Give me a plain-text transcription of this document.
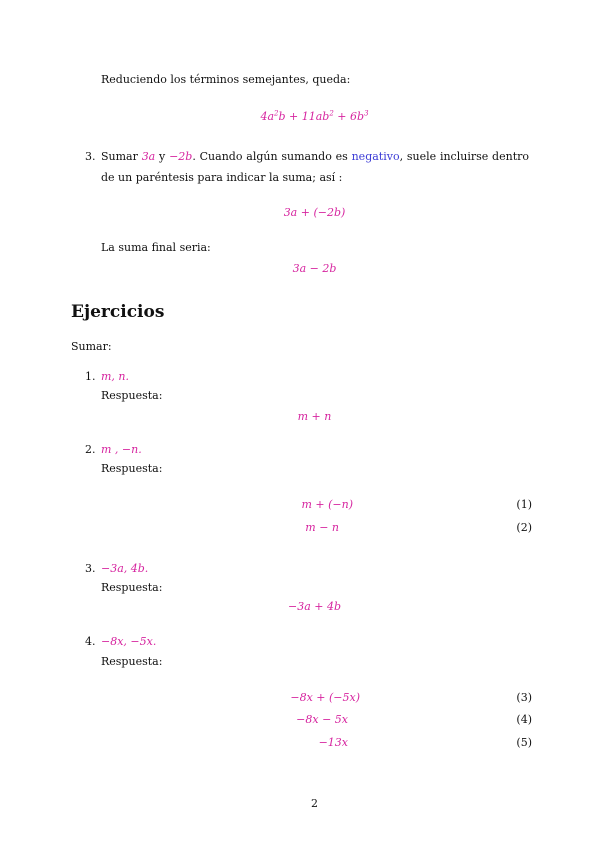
Reduciendo los términos semejantes, queda:
$4a^2b + 11ab^2 + 6b^3$
3. Sumar 3a y −2b. Cuando algún sumando es negativo, suele incluirse dentro de un paréntesis para indicar la suma; así :
3a + (−2b)
La suma final seria:
3a − 2b
Ejercicios
Sumar:
1. m, n.
Respuesta:
m + n
2. m , −n.
Respuesta:
m + (−n)	(1)
m − n	(2)
3. −3a, 4b.
Respuesta:
−3a + 4b
4. −8x, −5x.
Respuesta:
−8x + (−5x)	(3)
−8x − 5x	(4)
−13x	(5)
2
